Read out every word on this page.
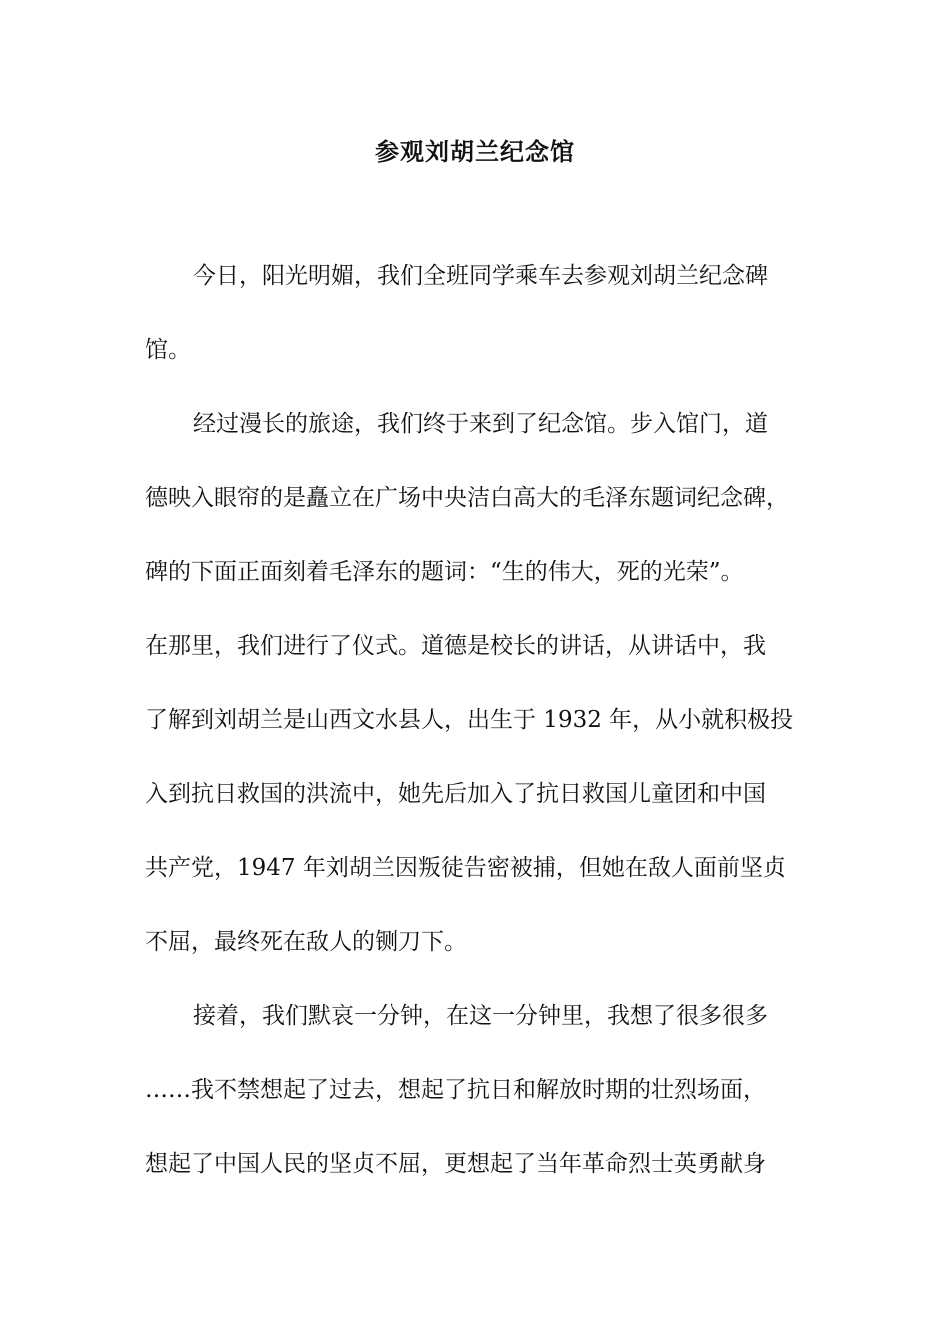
参观刘胡兰纪念馆
今日，阳光明媚，我们全班同学乘车去参观刘胡兰纪念碑
馆。
经过漫长的旅途，我们终于来到了纪念馆。步入馆门，道
德映入眼帘的是矗立在广场中央洁白高大的毛泽东题词纪念碑，
碑的下面正面刻着毛泽东的题词：“生的伟大，死的光荣”。
在那里，我们进行了仪式。道德是校长的讲话，从讲话中，我
了解到刘胡兰是山西文水县人，出生于 1932 年，从小就积极投
入到抗日救国的洪流中，她先后加入了抗日救国儿童团和中国
共产党，1947 年刘胡兰因叛徒告密被捕，但她在敌人面前坚贞
不屈，最终死在敌人的铡刀下。
接着，我们默哀一分钟，在这一分钟里，我想了很多很多
……我不禁想起了过去，想起了抗日和解放时期的壮烈场面，
想起了中国人民的坚贞不屈，更想起了当年革命烈士英勇献身
